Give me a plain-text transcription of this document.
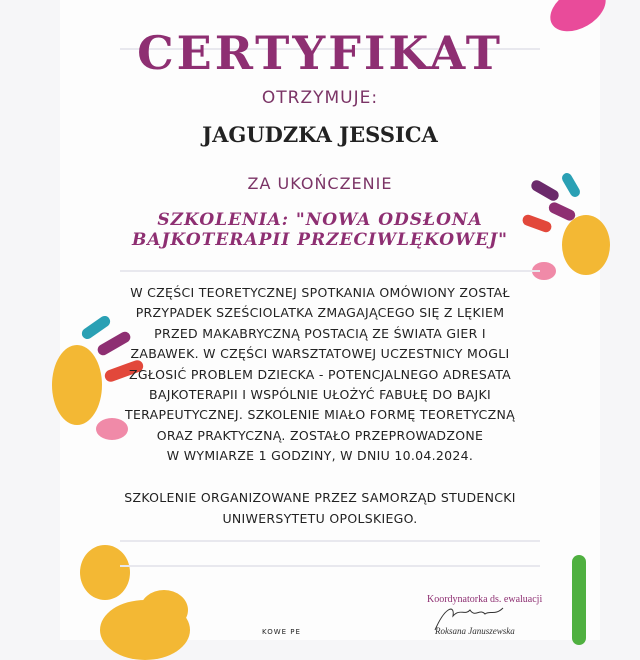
CERTYFIKAT
OTRZYMUJE:
JAGUDZKA JESSICA
ZA UKOŃCZENIE
SZKOLENIA: "NOWA ODSŁONA
BAJKOTERAPII PRZECIWLĘKOWEJ"
W CZĘŚCI TEORETYCZNEJ SPOTKANIA OMÓWIONY ZOSTAŁ
PRZYPADEK SZEŚCIOLATKA ZMAGAJĄCEGO SIĘ Z LĘKIEM
PRZED MAKABRYCZNĄ POSTACIĄ ZE ŚWIATA GIER I
ZABAWEK. W CZĘŚCI WARSZTATOWEJ UCZESTNICY MOGLI
ZGŁOSIĆ PROBLEM DZIECKA - POTENCJALNEGO ADRESATA
BAJKOTERAPII I WSPÓLNIE UŁOŻYĆ FABUŁĘ DO BAJKI
TERAPEUTYCZNEJ. SZKOLENIE MIAŁO FORMĘ TEORETYCZNĄ
ORAZ PRAKTYCZNĄ. ZOSTAŁO PRZEPROWADZONE
W WYMIARZE 1 GODZINY, W DNIU 10.04.2024.
SZKOLENIE ORGANIZOWANE PRZEZ SAMORZĄD STUDENCKI
UNIWERSYTETU OPOLSKIEGO.
Koordynatorka ds. ewaluacji
Roksana Januszewska
KOWE PE
